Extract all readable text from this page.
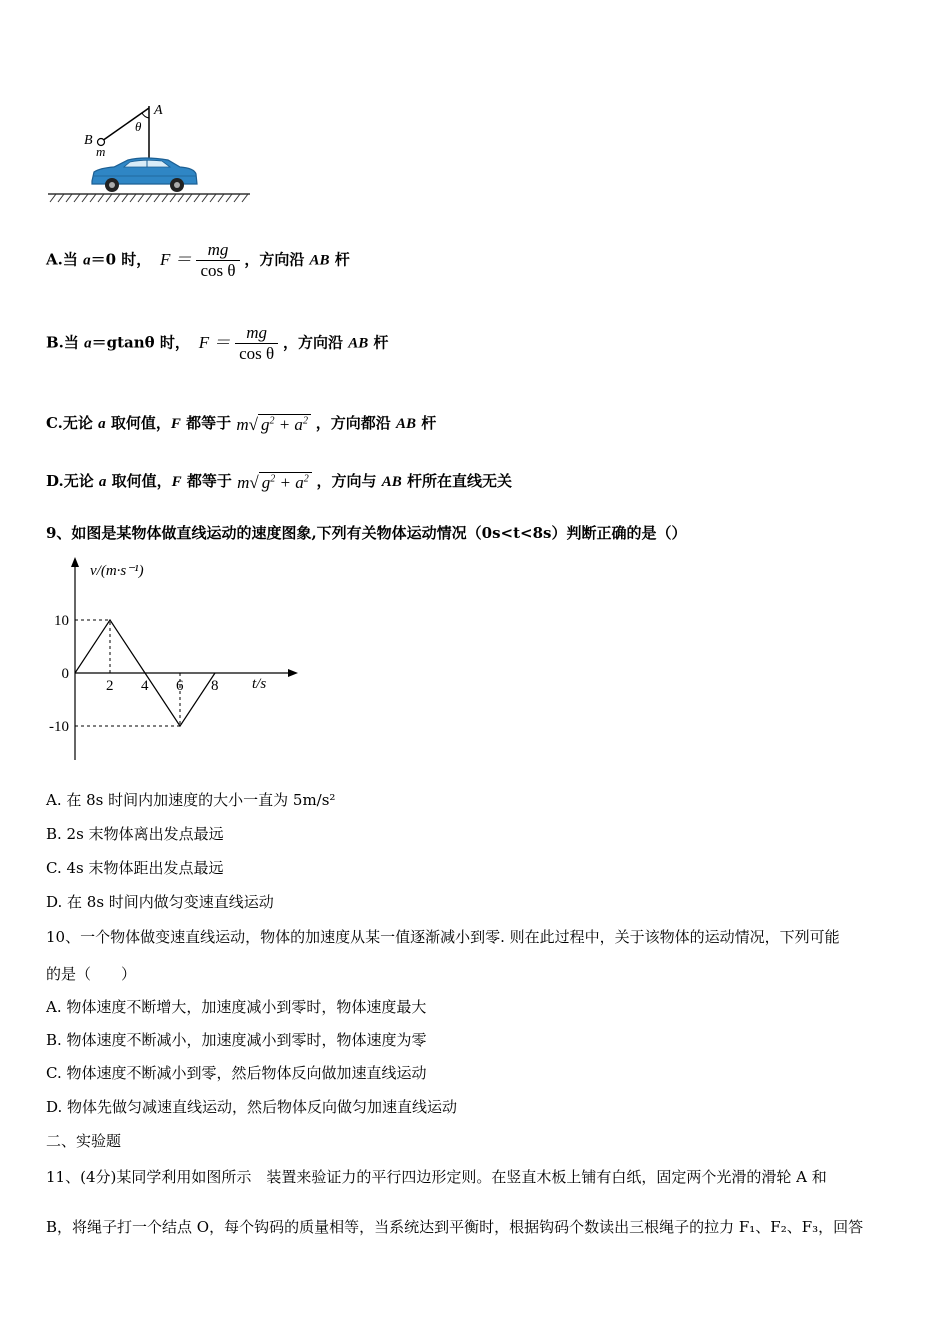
A
θ
B
m
A.当 a＝0 时， $F = \frac{mg}{\text{cos θ}}$ ，方向沿 AB 杆
B.当 a＝gtanθ 时， $F = \frac{mg}{\text{cos θ}}$ ，方向沿 AB 杆
C.无论 a 取何值，F 都等于 m√ $g^2 + a^2$ ，方向都沿 AB 杆
D.无论 a 取何值，F 都等于 m√ $g^2 + a^2$ ，方向与 AB 杆所在直线无关
9、如图是某物体做直线运动的速度图象,下列有关物体运动情况（0s<t<8s）判断正确的是（）
v/(m·s⁻¹)
t/s
2 4 6 8
10
0
-10
A. 在 8s 时间内加速度的大小一直为 5m/s²
B. 2s 末物体离出发点最远
C. 4s 末物体距出发点最远
D. 在 8s 时间内做匀变速直线运动
10、一个物体做变速直线运动，物体的加速度从某一值逐渐减小到零. 则在此过程中，关于该物体的运动情况，下列可能
的是（　　）
A. 物体速度不断增大，加速度减小到零时，物体速度最大
B. 物体速度不断减小，加速度减小到零时，物体速度为零
C. 物体速度不断减小到零，然后物体反向做加速直线运动
D. 物体先做匀减速直线运动，然后物体反向做匀加速直线运动
二、实验题
11、(4分)某同学利用如图所示　装置来验证力的平行四边形定则。在竖直木板上铺有白纸，固定两个光滑的滑轮 A 和
B，将绳子打一个结点 O，每个钩码的质量相等，当系统达到平衡时，根据钩码个数读出三根绳子的拉力 F₁、F₂、F₃，回答
